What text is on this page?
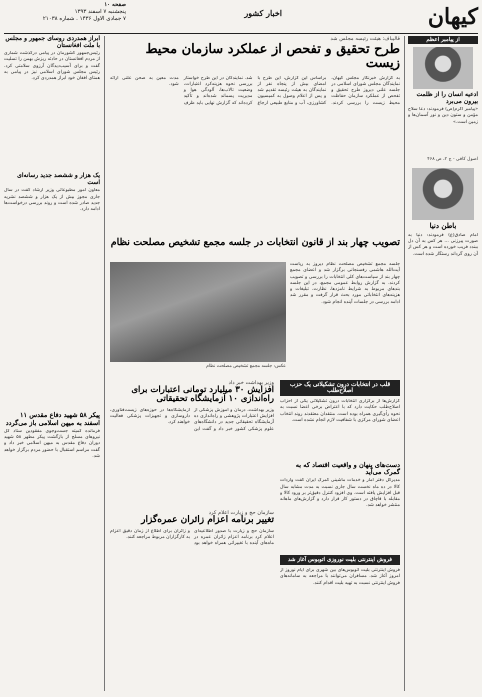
کیهان
اخبار کشور
صفحه ۱۰
پنجشنبه ۷ اسفند ۱۳۹۳
۷ جمادی الاول ۱۴۳۶ . شماره ۲۱۰۳۸
از پیامبر اعظم
ادعیه انسان را از ظلمت بیرون می‌برد
«پیامبر اکرم(ص) فرمودند: دعا سلاح مؤمن و ستون دین و نور آسمان‌ها و زمین است.»
اصول کافی - ج ۲، ص ۴۶۸
باطن دنیا
امام صادق(ع) فرمودند: دنیا به صورت پیرزنی ... هر کس به آن دل ببندد فریب خورده است و هر کس از آن روی گرداند رستگار شده است.
قالیباف: هیئت رئیسه مجلس شد
طرح تحقیق و تفحص از عملکرد سازمان محیط زیست
به گزارش خبرنگار مجلس کیهان، نمایندگان مجلس شورای اسلامی در جلسه علنی دیروز طرح تحقیق و تفحص از عملکرد سازمان حفاظت محیط زیست را بررسی کردند. براساس این گزارش، این طرح با امضای بیش از پنجاه نفر از نمایندگان به هیئت رئیسه تقدیم شد و پس از اعلام وصول به کمیسیون کشاورزی، آب و منابع طبیعی ارجاع شد. نمایندگان در این طرح خواستار بررسی نحوه هزینه‌کرد اعتبارات، وضعیت تالاب‌ها، آلودگی هوا و مدیریت پسماند شده‌اند و تأکید کرده‌اند که گزارش نهایی باید ظرف مدت معین به صحن علنی ارائه شود.
تصویب چهار بند از قانون انتخابات در جلسه مجمع تشخیص مصلحت نظام
جلسه مجمع تشخیص مصلحت نظام دیروز به ریاست آیت‌الله هاشمی رفسنجانی برگزار شد و اعضای مجمع چهار بند از سیاست‌های کلی انتخابات را بررسی و تصویب کردند. به گزارش روابط عمومی مجمع، در این جلسه بندهای مربوط به شرایط نامزدها، نظارت، تبلیغات و هزینه‌های انتخاباتی مورد بحث قرار گرفت و مقرر شد ادامه بررسی در جلسات آینده انجام شود.
عکس: جلسه مجمع تشخیص مصلحت نظام
قلب در انتخابات درون تشکیلاتی یک حزب اصلاح‌طلب
گزارش‌ها از برگزاری انتخابات درون تشکیلاتی یکی از احزاب اصلاح‌طلب حکایت دارد که با اعتراض برخی اعضا نسبت به نحوه رأی‌گیری همراه بوده است. منتقدان معتقدند روند انتخاب اعضای شورای مرکزی با شفافیت لازم انجام نشده است.
وزیر بهداشت خبر داد
افزایش ۳۰ میلیارد تومانی اعتبارات برای راه‌اندازی ۱۰ آزمایشگاه تحقیقاتی
وزیر بهداشت، درمان و آموزش پزشکی از افزایش اعتبارات پژوهشی و راه‌اندازی ده آزمایشگاه تحقیقاتی جدید در دانشگاه‌های علوم پزشکی کشور خبر داد و گفت این آزمایشگاه‌ها در حوزه‌های زیست‌فناوری، داروسازی و تجهیزات پزشکی فعالیت خواهند کرد.
سازمان حج و زیارت اعلام کرد
تغییر برنامه اعزام زائران عمره‌گزار
سازمان حج و زیارت با صدور اطلاعیه‌ای اعلام کرد برنامه اعزام زائران عمره در ماه‌های آینده با تغییراتی همراه خواهد بود و زائران برای اطلاع از زمان دقیق اعزام به کارگزاران مربوط مراجعه کنند.
دست‌های پنهان و واقعیت اقتصاد که به گمرک می‌آید
مدیرکل دفتر آمار و خدمات ماشینی گمرک ایران گفت واردات کالا در ده ماه نخست سال جاری نسبت به مدت مشابه سال قبل افزایش یافته است. وی افزود کنترل دقیق‌تر بر ورود کالا و مقابله با قاچاق در دستور کار قرار دارد و گزارش‌های ماهانه منتشر خواهد شد.
فروش اینترنتی بلیت نوروزی اتوبوس آغاز شد
فروش اینترنتی بلیت اتوبوس‌های بین شهری برای ایام نوروز از امروز آغاز شد. مسافران می‌توانند با مراجعه به سامانه‌های فروش اینترنتی نسبت به تهیه بلیت اقدام کنند.
ابراز همدردی روسای جمهور و مجلس با ملت افغانستان
رئیس‌جمهور کشورمان در پیامی درگذشت شماری از مردم افغانستان در حادثه ریزش بهمن را تسلیت گفت و برای آسیب‌دیدگان آرزوی سلامتی کرد. رئیس مجلس شورای اسلامی نیز در پیامی به همتای افغان خود ابراز همدردی کرد.
یک هزار و ششصد جدید رسانه‌ای است
معاون امور مطبوعاتی وزیر ارشاد گفت در سال جاری مجوز بیش از یک هزار و ششصد نشریه جدید صادر شده است و روند بررسی درخواست‌ها ادامه دارد.
پیکر ۵۸ شهید دفاع مقدس ۱۱ اسفند به میهن اسلامی باز می‌گردد
فرمانده کمیته جست‌وجوی مفقودین ستاد کل نیروهای مسلح از بازگشت پیکر مطهر ۵۸ شهید دوران دفاع مقدس به میهن اسلامی خبر داد و گفت مراسم استقبال با حضور مردم برگزار خواهد شد.
